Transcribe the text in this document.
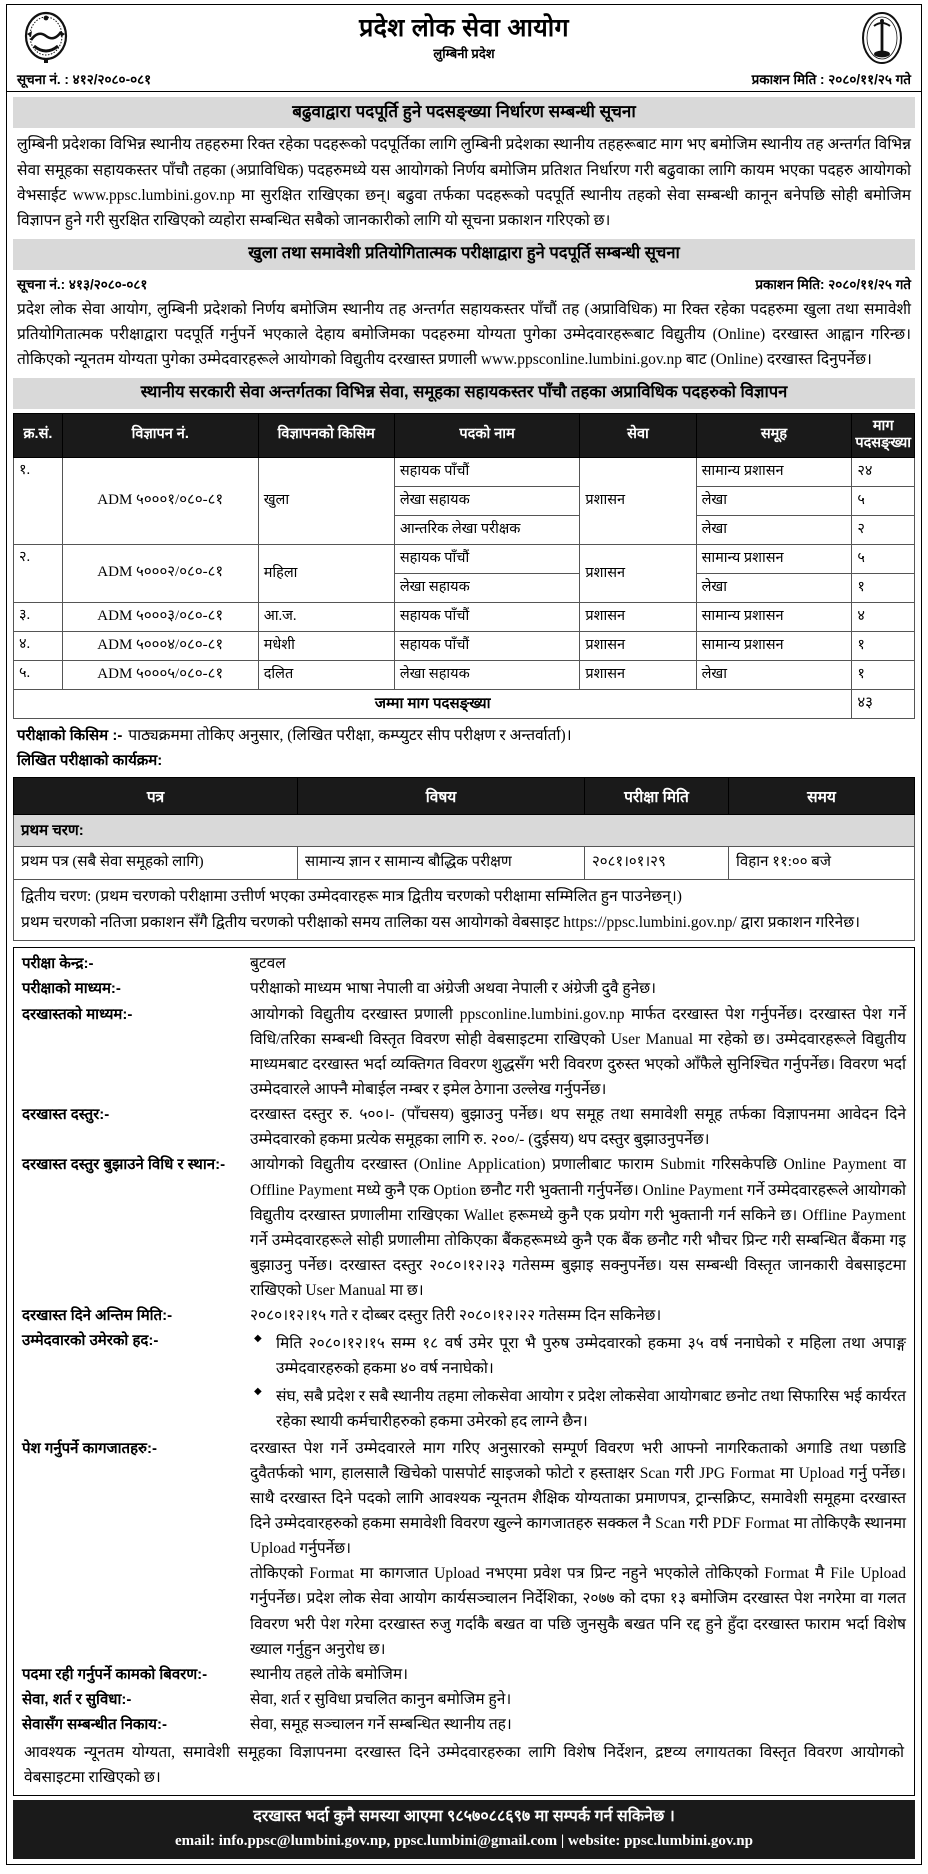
प्रदेश लोक सेवा आयोग
लुम्बिनी प्रदेश
सूचना नं. : ४१२/२०८०-०८१	प्रकाशन मिति : २०८०/११/२५ गते
बढुवाद्वारा पदपूर्ति हुने पदसङ्ख्या निर्धारण सम्बन्धी सूचना
लुम्बिनी प्रदेशका विभिन्न स्थानीय तहहरुमा रिक्त रहेका पदहरूको पदपूर्तिका लागि लुम्बिनी प्रदेशका स्थानीय तहहरूबाट माग भए बमोजिम स्थानीय तह अन्तर्गत विभिन्न सेवा समूहका सहायकस्तर पाँचौ तहका (अप्राविधिक) पदहरुमध्ये यस आयोगको निर्णय बमोजिम प्रतिशत निर्धारण गरी बढुवाका लागि कायम भएका पदहरु आयोगको वेभसाईट www.ppsc.lumbini.gov.np मा सुरक्षित राखिएका छन्। बढुवा तर्फका पदहरूको पदपूर्ति स्थानीय तहको सेवा सम्बन्धी कानून बनेपछि सोही बमोजिम विज्ञापन हुने गरी सुरक्षित राखिएको व्यहोरा सम्बन्धित सबैको जानकारीको लागि यो सूचना प्रकाशन गरिएको छ।
खुला तथा समावेशी प्रतियोगितात्मक परीक्षाद्वारा हुने पदपूर्ति सम्बन्धी सूचना
सूचना नं.: ४१३/२०८०-०८१	प्रकाशन मिति: २०८०/११/२५ गते
प्रदेश लोक सेवा आयोग, लुम्बिनी प्रदेशको निर्णय बमोजिम स्थानीय तह अन्तर्गत सहायकस्तर पाँचौं तह (अप्राविधिक) मा रिक्त रहेका पदहरुमा खुला तथा समावेशी प्रतियोगितात्मक परीक्षाद्वारा पदपूर्ति गर्नुपर्ने भएकाले देहाय बमोजिमका पदहरुमा योग्यता पुगेका उम्मेदवारहरूबाट विद्युतीय (Online) दरखास्त आह्वान गरिन्छ। तोकिएको न्यूनतम योग्यता पुगेका उम्मेदवारहरूले आयोगको विद्युतीय दरखास्त प्रणाली www.ppsconline.lumbini.gov.np बाट (Online) दरखास्त दिनुपर्नेछ।
स्थानीय सरकारी सेवा अन्तर्गतका विभिन्न सेवा, समूहका सहायकस्तर पाँचौ तहका अप्राविधिक पदहरुको विज्ञापन
क्र.सं.	विज्ञापन नं.	विज्ञापनको किसिम	पदको नाम	सेवा	समूह	माग पदसङ्ख्या
१.	ADM ५०००१/०८०-८१	खुला	सहायक पाँचौं	प्रशासन	सामान्य प्रशासन	२४
			लेखा सहायक		लेखा	५
			आन्तरिक लेखा परीक्षक		लेखा	२
२.	ADM ५०००२/०८०-८१	महिला	सहायक पाँचौं	प्रशासन	सामान्य प्रशासन	५
			लेखा सहायक		लेखा	१
३.	ADM ५०००३/०८०-८१	आ.ज.	सहायक पाँचौं	प्रशासन	सामान्य प्रशासन	४
४.	ADM ५०००४/०८०-८१	मधेशी	सहायक पाँचौं	प्रशासन	सामान्य प्रशासन	१
५.	ADM ५०००५/०८०-८१	दलित	लेखा सहायक	प्रशासन	लेखा	१
जम्मा माग पदसङ्ख्या						४३
परीक्षाको किसिम :- पाठ्यक्रममा तोकिए अनुसार, (लिखित परीक्षा, कम्प्युटर सीप परीक्षण र अन्तर्वार्ता)।
लिखित परीक्षाको कार्यक्रम:
पत्र	विषय	परीक्षा मिति	समय
प्रथम चरण:			
प्रथम पत्र (सबै सेवा समूहको लागि)	सामान्य ज्ञान र सामान्य बौद्धिक परीक्षण	२०८१।०१।२९	विहान ११:०० बजे

द्वितीय चरण: (प्रथम चरणको परीक्षामा उत्तीर्ण भएका उम्मेदवारहरू मात्र द्वितीय चरणको परीक्षामा सम्मिलित हुन पाउनेछन्।)
प्रथम चरणको नतिजा प्रकाशन सँगै द्वितीय चरणको परीक्षाको समय तालिका यस आयोगको वेबसाइट https://ppsc.lumbini.gov.np/ द्वारा प्रकाशन गरिनेछ।			
परीक्षा केन्द्र:-	बुटवल

परीक्षाको माध्यम:-	परीक्षाको माध्यम भाषा नेपाली वा अंग्रेजी अथवा नेपाली र अंग्रेजी दुवै हुनेछ।

दरखास्तको माध्यम:-	आयोगको विद्युतीय दरखास्त प्रणाली ppsconline.lumbini.gov.np मार्फत दरखास्त पेश गर्नुपर्नेछ। दरखास्त पेश गर्ने विधि/तरिका सम्बन्धी विस्तृत विवरण सोही वेबसाइटमा राखिएको User Manual मा रहेको छ। उम्मेदवारहरूले विद्युतीय माध्यमबाट दरखास्त भर्दा व्यक्तिगत विवरण शुद्धसँग भरी विवरण दुरुस्त भएको आँफैले सुनिश्चित गर्नुपर्नेछ। विवरण भर्दा उम्मेदवारले आफ्नै मोबाईल नम्बर र इमेल ठेगाना उल्लेख गर्नुपर्नेछ।

दरखास्त दस्तुर:-	दरखास्त दस्तुर रु. ५००।- (पाँचसय) बुझाउनु पर्नेछ। थप समूह तथा समावेशी समूह तर्फका विज्ञापनमा आवेदन दिने उम्मेदवारको हकमा प्रत्येक समूहका लागि रु. २००/- (दुईसय) थप दस्तुर बुझाउनुपर्नेछ।

दरखास्त दस्तुर बुझाउने विधि र स्थान:-	आयोगको विद्युतीय दरखास्त (Online Application) प्रणालीबाट फाराम Submit गरिसकेपछि Online Payment वा Offline Payment मध्ये कुनै एक Option छनौट गरी भुक्तानी गर्नुपर्नेछ। Online Payment गर्ने उम्मेदवारहरूले आयोगको विद्युतीय दरखास्त प्रणालीमा राखिएका Wallet हरूमध्ये कुनै एक प्रयोग गरी भुक्तानी गर्न सकिने छ। Offline Payment गर्ने उम्मेदवारहरूले सोही प्रणालीमा तोकिएका बैंकहरूमध्ये कुनै एक बैंक छनौट गरी भौचर प्रिन्ट गरी सम्बन्धित बैंकमा गइ बुझाउनु पर्नेछ। दरखास्त दस्तुर २०८०।१२।२३ गतेसम्म बुझाइ सक्नुपर्नेछ। यस सम्बन्धी विस्तृत जानकारी वेबसाइटमा राखिएको User Manual मा छ।

दरखास्त दिने अन्तिम मिति:-	२०८०।१२।१५ गते र दोब्बर दस्तुर तिरी २०८०।१२।२२ गतेसम्म दिन सकिनेछ।

उम्मेदवारको उमेरको हद:-	◆ मिति २०८०।१२।१५ सम्म १८ वर्ष उमेर पूरा भै पुरुष उम्मेदवारको हकमा ३५ वर्ष ननाघेको र महिला तथा अपाङ्ग उम्मेदवारहरुको हकमा ४० वर्ष ननाघेको।
◆ संघ, सबै प्रदेश र सबै स्थानीय तहमा लोकसेवा आयोग र प्रदेश लोकसेवा आयोगबाट छनोट तथा सिफारिस भई कार्यरत रहेका स्थायी कर्मचारीहरुको हकमा उमेरको हद लाग्ने छैन।
पेश गर्नुपर्ने कागजातहरु:-	दरखास्त पेश गर्ने उम्मेदवारले माग गरिए अनुसारको सम्पूर्ण विवरण भरी आफ्नो नागरिकताको अगाडि तथा पछाडि दुवैतर्फको भाग, हालसालै खिचेको पासपोर्ट साइजको फोटो र हस्ताक्षर Scan गरी JPG Format मा Upload गर्नु पर्नेछ। साथै दरखास्त दिने पदको लागि आवश्यक न्यूनतम शैक्षिक योग्यताका प्रमाणपत्र, ट्रान्सक्रिप्ट, समावेशी समूहमा दरखास्त दिने उम्मेदवारहरुको हकमा समावेशी विवरण खुल्ने कागजातहरु सक्कल नै Scan गरी PDF Format मा तोकिएकै स्थानमा Upload गर्नुपर्नेछ।

तोकिएको Format मा कागजात Upload नभएमा प्रवेश पत्र प्रिन्ट नहुने भएकोले तोकिएको Format मै File Upload गर्नुपर्नेछ। प्रदेश लोक सेवा आयोग कार्यसञ्चालन निर्देशिका, २०७७ को दफा १३ बमोजिम दरखास्त पेश नगरेमा वा गलत विवरण भरी पेश गरेमा दरखास्त रुजु गर्दाकै बखत वा पछि जुनसुकै बखत पनि रद्द हुने हुँदा दरखास्त फाराम भर्दा विशेष ख्याल गर्नुहुन अनुरोध छ।

पदमा रही गर्नुपर्ने कामको बिवरण:-	स्थानीय तहले तोके बमोजिम।

सेवा, शर्त र सुविधा:-	सेवा, शर्त र सुविधा प्रचलित कानुन बमोजिम हुने।

सेवासँग सम्बन्धीत निकाय:-	सेवा, समूह सञ्चालन गर्ने सम्बन्धित स्थानीय तह।

आवश्यक न्यूनतम योग्यता, समावेशी समूहका विज्ञापनमा दरखास्त दिने उम्मेदवारहरुका लागि विशेष निर्देशन, द्रष्टव्य लगायतका विस्तृत विवरण आयोगको वेबसाइटमा राखिएको छ।
दरखास्त भर्दा कुनै समस्या आएमा ९८५७०८८६९७ मा सम्पर्क गर्न सकिनेछ ।
email: info.ppsc@lumbini.gov.np, ppsc.lumbini@gmail.com | website: ppsc.lumbini.gov.np
